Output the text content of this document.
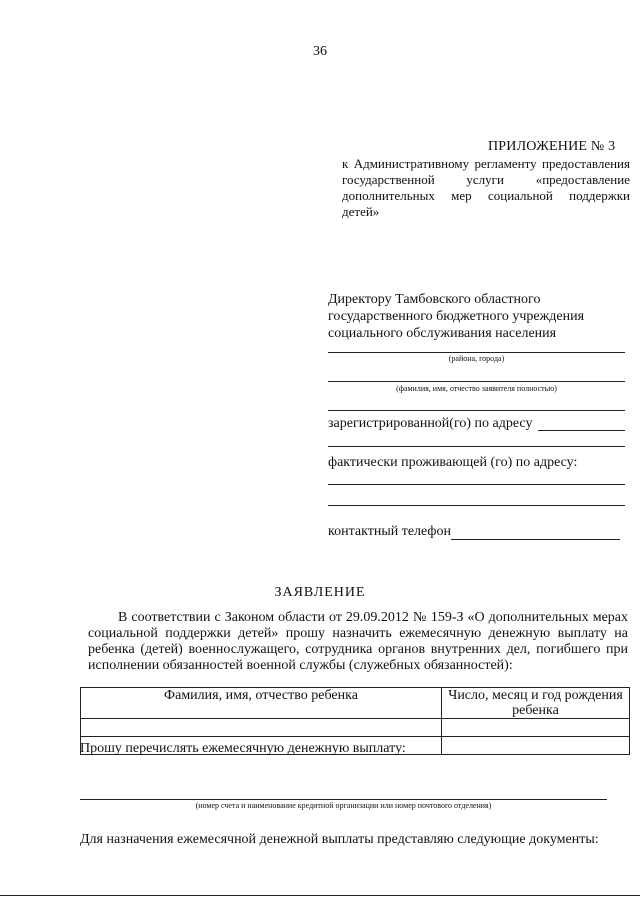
36
ПРИЛОЖЕНИЕ № 3
к Административному регламенту предоставления государственной услуги «предоставление дополнительных мер социальной поддержки детей»
Директору Тамбовского областного государственного бюджетного учреждения социального обслуживания населения
(района, города)
(фамилия, имя, отчество заявителя полностью)
зарегистрированной(го) по адресу
фактически проживающей (го) по адресу:
контактный телефон
ЗАЯВЛЕНИЕ
В соответствии с Законом области от 29.09.2012 № 159-З «О дополнительных мерах социальной поддержки детей» прошу назначить ежемесячную денежную выплату на ребенка (детей) военнослужащего, сотрудника органов внутренних дел, погибшего при исполнении обязанностей военной службы (служебных обязанностей):
Фамилия, имя, отчество ребенка	Число, месяц и год рождения ребенка

Прошу перечислять ежемесячную денежную выплату:
(номер счета и наименование кредитной организации или номер почтового отделения)
Для назначения ежемесячной денежной выплаты представляю следующие документы:
